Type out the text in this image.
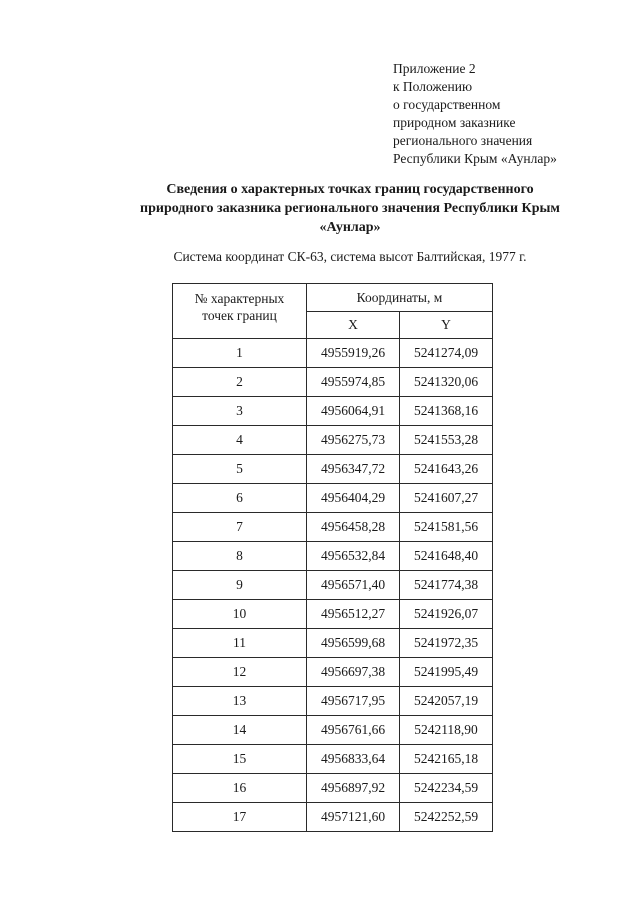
Приложение 2
к Положению
о государственном
природном заказнике
регионального значения
Республики Крым «Аунлар»
Сведения о характерных точках границ государственного
природного заказника регионального значения Республики Крым
«Аунлар»
Система координат СК-63, система высот Балтийская, 1977 г.
№ характерных
точек границ	Координаты, м	
	X	Y
1	4955919,26	5241274,09
2	4955974,85	5241320,06
3	4956064,91	5241368,16
4	4956275,73	5241553,28
5	4956347,72	5241643,26
6	4956404,29	5241607,27
7	4956458,28	5241581,56
8	4956532,84	5241648,40
9	4956571,40	5241774,38
10	4956512,27	5241926,07
11	4956599,68	5241972,35
12	4956697,38	5241995,49
13	4956717,95	5242057,19
14	4956761,66	5242118,90
15	4956833,64	5242165,18
16	4956897,92	5242234,59
17	4957121,60	5242252,59
